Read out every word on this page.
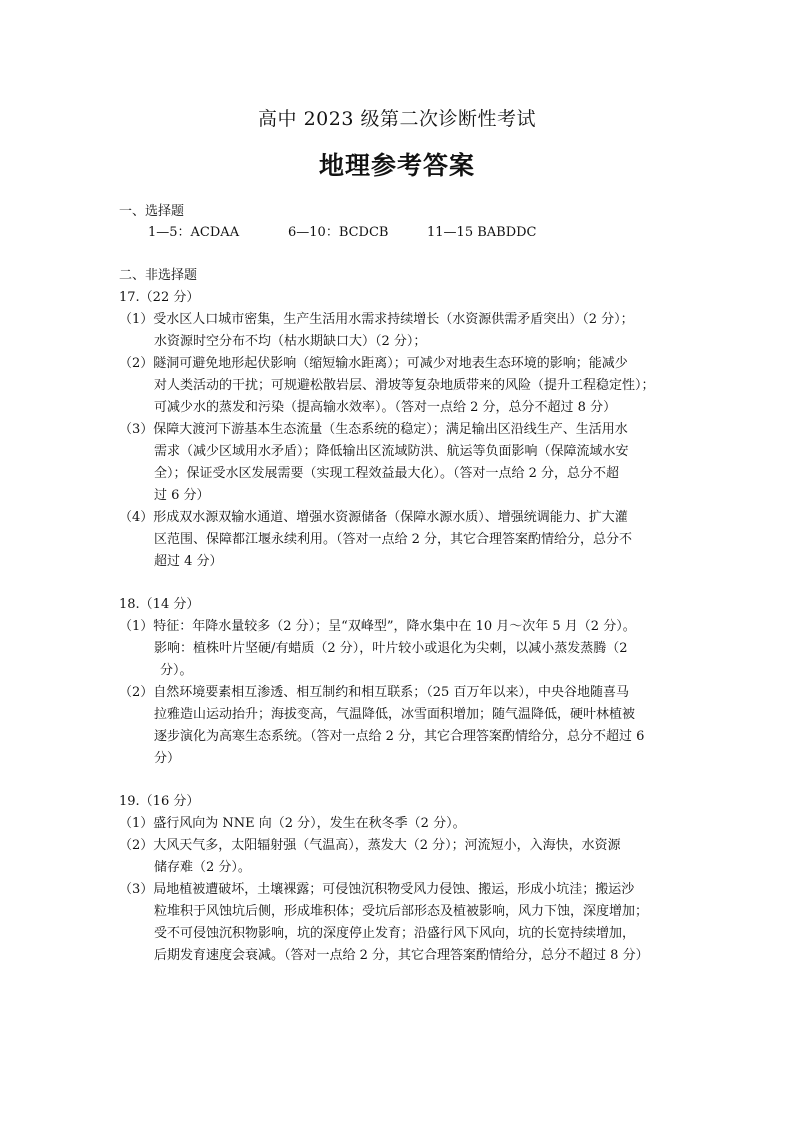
高中 2023 级第二次诊断性考试
地理参考答案
一、选择题
1—5：ACDAA	6—10：BCDCB	11—15 BABDDC
二、非选择题
17.（22 分）
（1）受水区人口城市密集，生产生活用水需求持续增长（水资源供需矛盾突出）（2 分）；
水资源时空分布不均（枯水期缺口大）（2 分）；
（2）隧洞可避免地形起伏影响（缩短输水距离）；可减少对地表生态环境的影响；能减少
对人类活动的干扰；可规避松散岩层、滑坡等复杂地质带来的风险（提升工程稳定性）；
可减少水的蒸发和污染（提高输水效率）。（答对一点给 2 分，总分不超过 8 分）
（3）保障大渡河下游基本生态流量（生态系统的稳定）；满足输出区沿线生产、生活用水
需求（减少区域用水矛盾）；降低输出区流域防洪、航运等负面影响（保障流域水安
全）；保证受水区发展需要（实现工程效益最大化）。（答对一点给 2 分，总分不超
过 6 分）
（4）形成双水源双输水通道、增强水资源储备（保障水源水质）、增强统调能力、扩大灌
区范围、保障都江堰永续利用。（答对一点给 2 分，其它合理答案酌情给分，总分不
超过 4 分）
18.（14 分）
（1）特征：年降水量较多（2 分）；呈“双峰型”，降水集中在 10 月～次年 5 月（2 分）。
影响：植株叶片坚硬/有蜡质（2 分），叶片较小或退化为尖刺，以减小蒸发蒸腾（2
分）。
（2）自然环境要素相互渗透、相互制约和相互联系；（25 百万年以来），中央谷地随喜马
拉雅造山运动抬升；海拔变高，气温降低，冰雪面积增加；随气温降低，硬叶林植被
逐步演化为高寒生态系统。（答对一点给 2 分，其它合理答案酌情给分，总分不超过 6
分）
19.（16 分）
（1）盛行风向为 NNE 向（2 分），发生在秋冬季（2 分）。
（2）大风天气多，太阳辐射强（气温高），蒸发大（2 分）；河流短小，入海快，水资源
储存难（2 分）。
（3）局地植被遭破坏，土壤裸露；可侵蚀沉积物受风力侵蚀、搬运，形成小坑洼；搬运沙
粒堆积于风蚀坑后侧，形成堆积体；受坑后部形态及植被影响，风力下蚀，深度增加；
受不可侵蚀沉积物影响，坑的深度停止发育；沿盛行风下风向，坑的长宽持续增加，
后期发育速度会衰减。（答对一点给 2 分，其它合理答案酌情给分，总分不超过 8 分）
